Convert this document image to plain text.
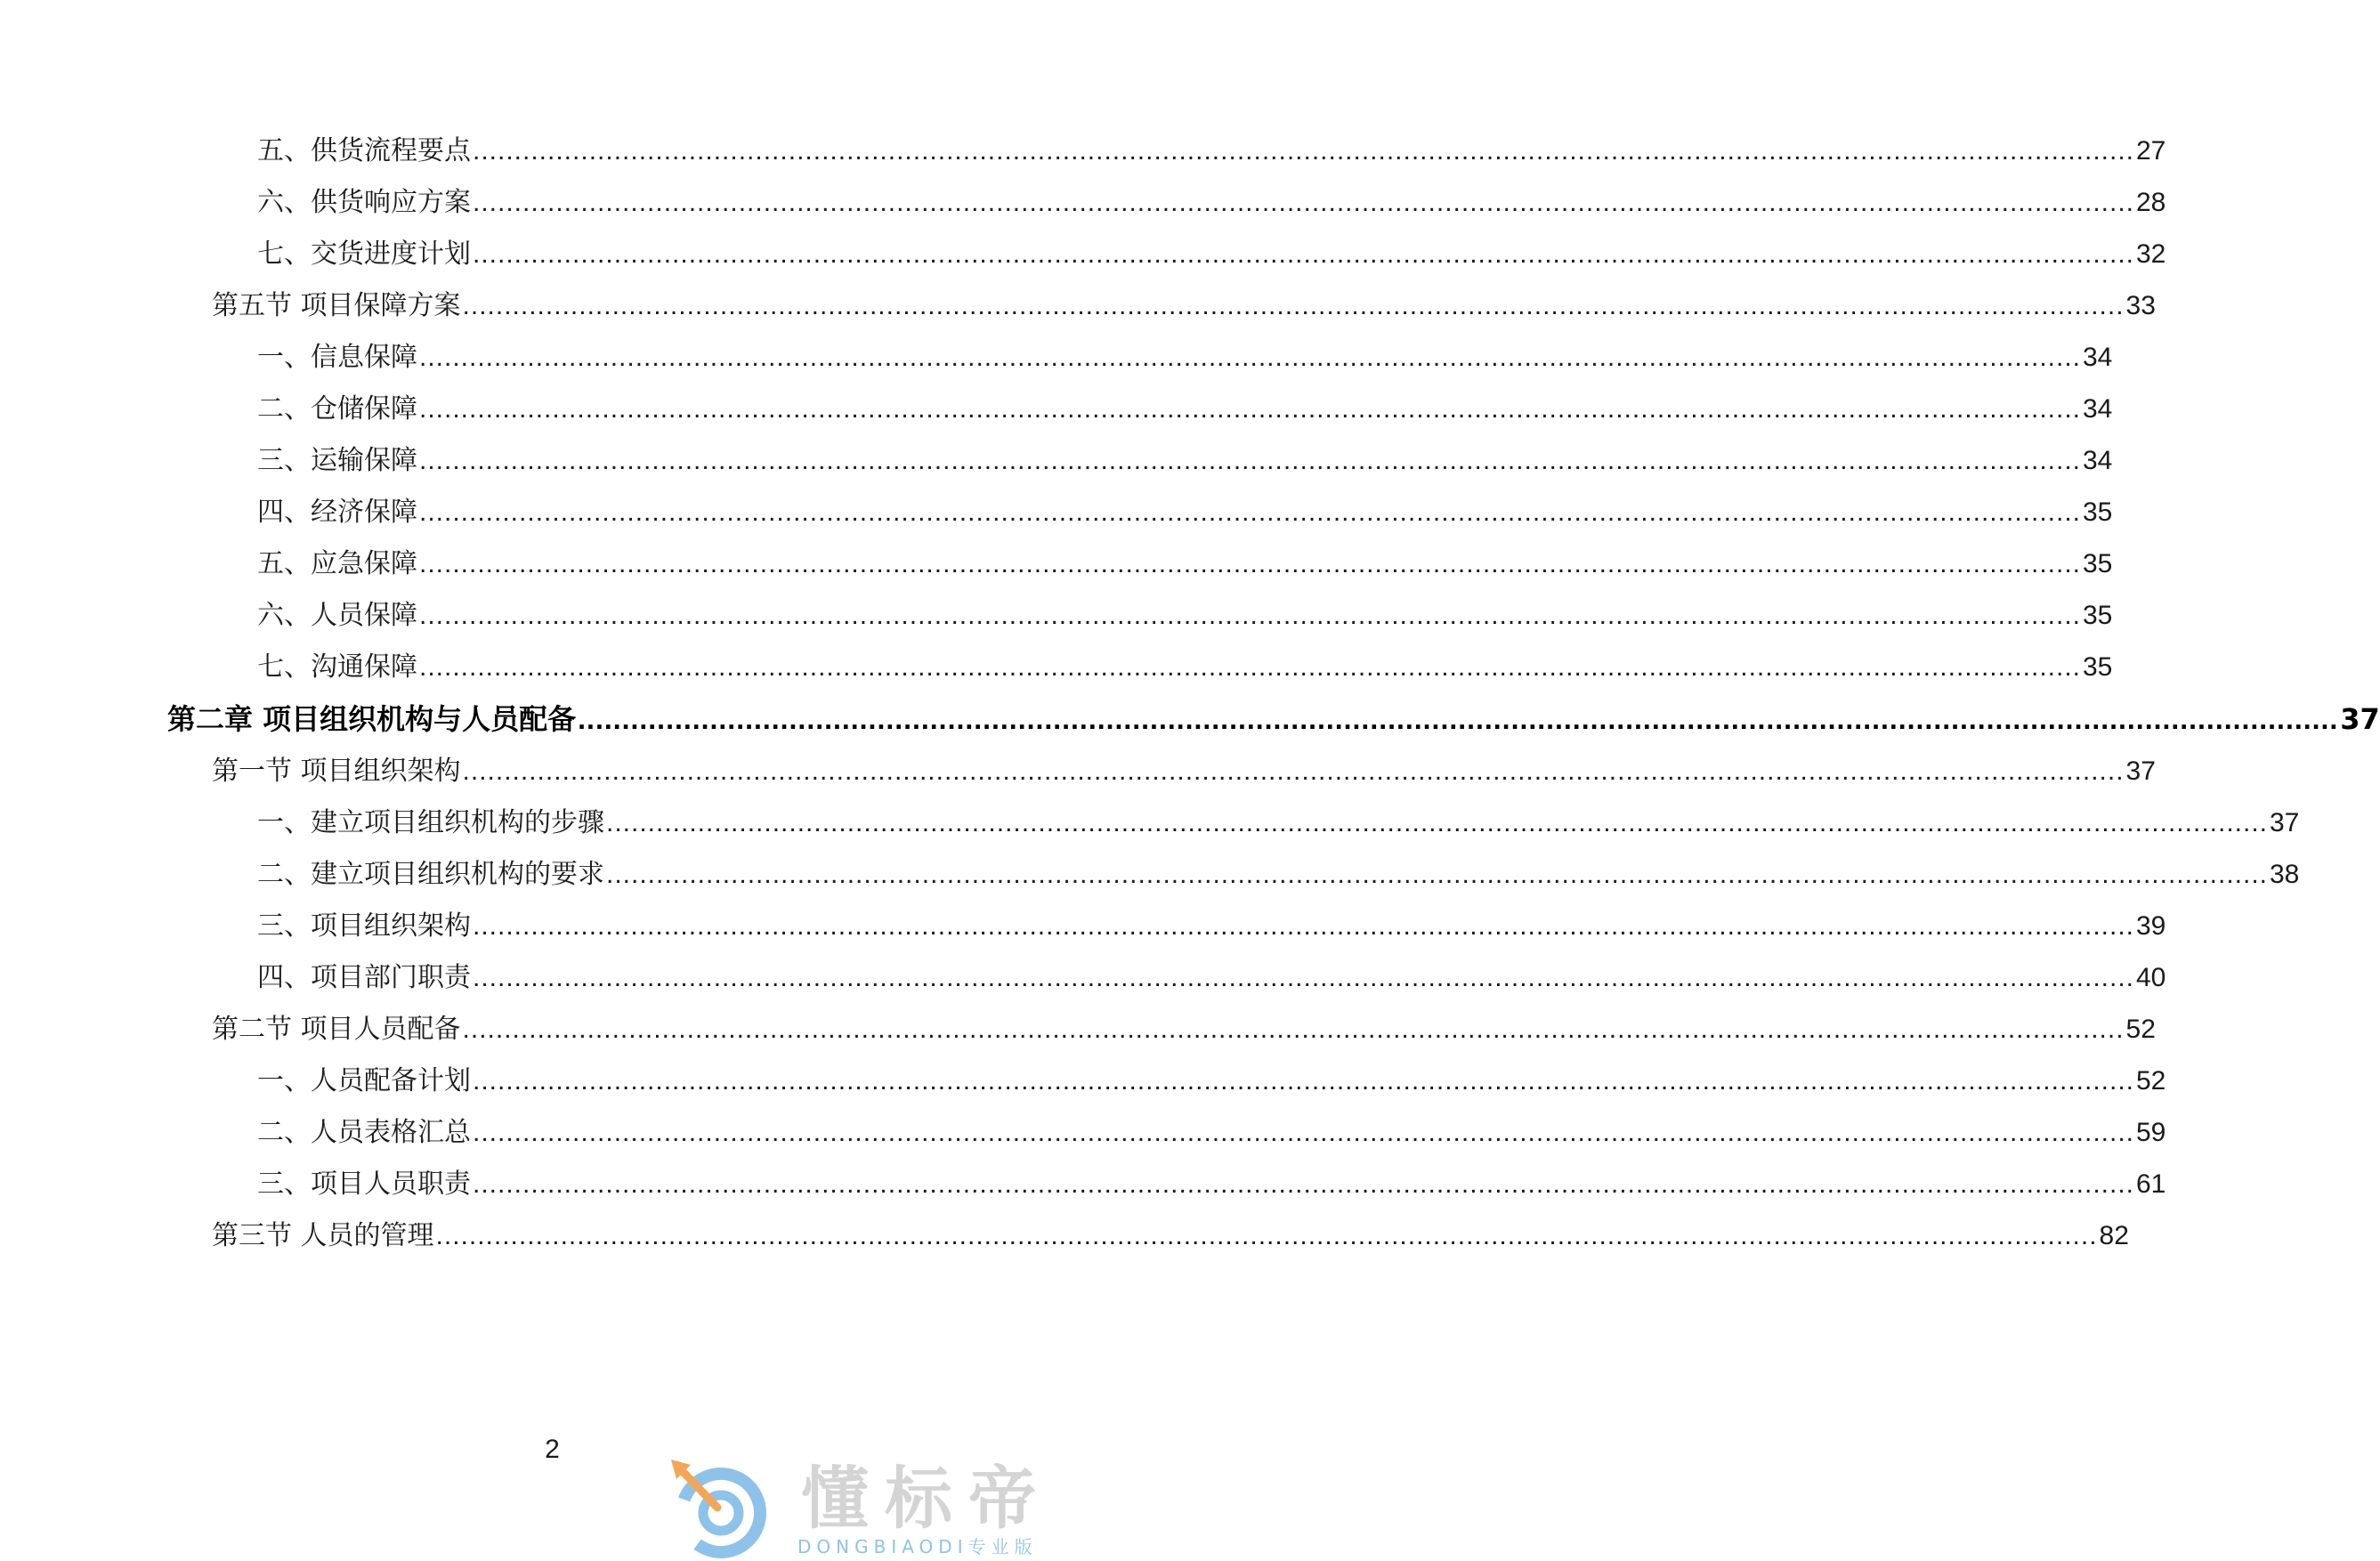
五、供货流程要点 ........................................................................................................................................................................................................ 27
六、供货响应方案 ........................................................................................................................................................................................................ 28
七、交货进度计划 ........................................................................................................................................................................................................ 32
第五节 项目保障方案 ........................................................................................................................................................................................................ 33
一、信息保障 ........................................................................................................................................................................................................ 34
二、仓储保障 ........................................................................................................................................................................................................ 34
三、运输保障 ........................................................................................................................................................................................................ 34
四、经济保障 ........................................................................................................................................................................................................ 35
五、应急保障 ........................................................................................................................................................................................................ 35
六、人员保障 ........................................................................................................................................................................................................ 35
七、沟通保障 ........................................................................................................................................................................................................ 35
第二章 项目组织机构与人员配备 ........................................................................................................................................................................................................ 37
第一节 项目组织架构 ........................................................................................................................................................................................................ 37
一、建立项目组织机构的步骤 ........................................................................................................................................................................................................ 37
二、建立项目组织机构的要求 ........................................................................................................................................................................................................ 38
三、项目组织架构 ........................................................................................................................................................................................................ 39
四、项目部门职责 ........................................................................................................................................................................................................ 40
第二节 项目人员配备 ........................................................................................................................................................................................................ 52
一、人员配备计划 ........................................................................................................................................................................................................ 52
二、人员表格汇总 ........................................................................................................................................................................................................ 59
三、项目人员职责 ........................................................................................................................................................................................................ 61
第三节 人员的管理 ........................................................................................................................................................................................................ 82
2
懂标帝
DONGBIAODI专业版
